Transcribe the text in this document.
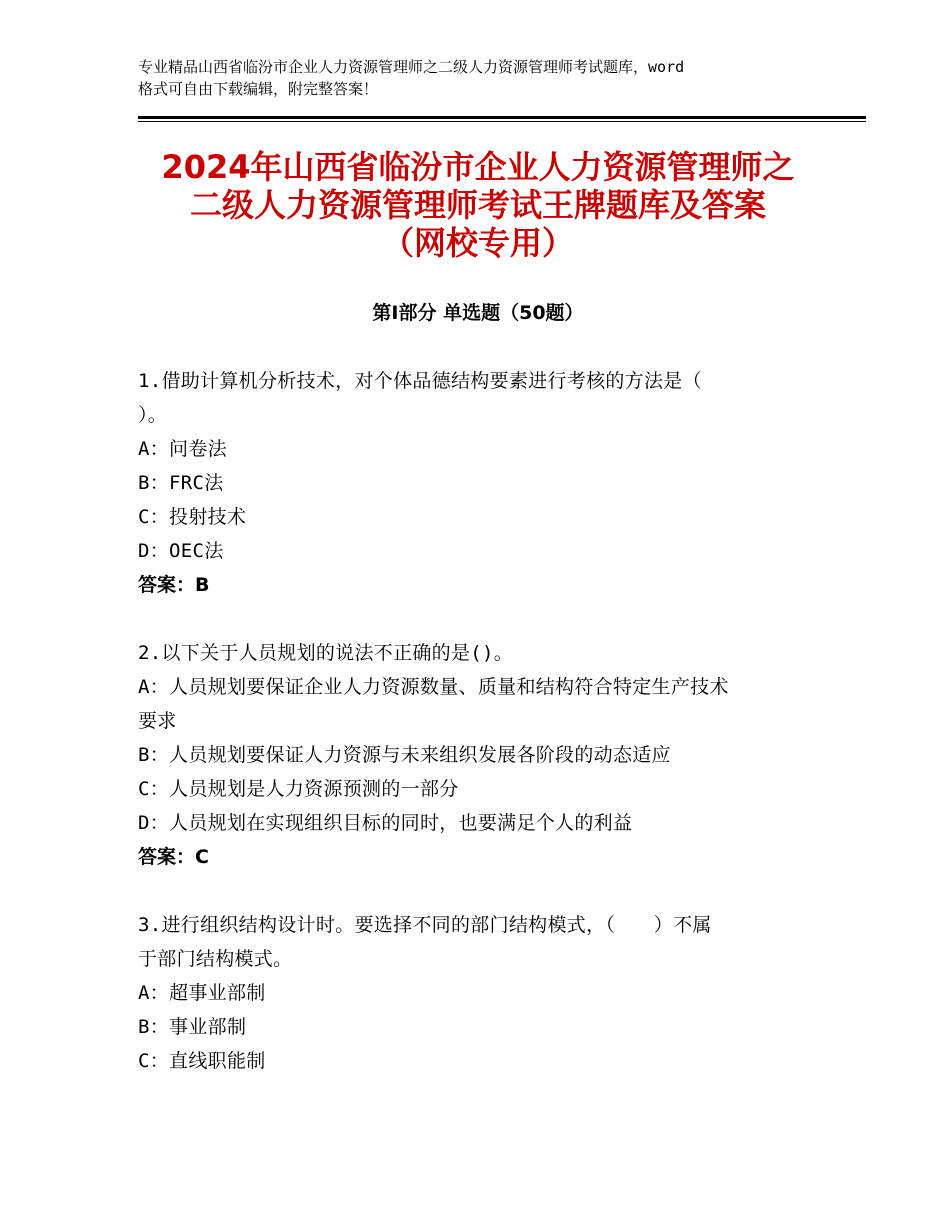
专业精品山西省临汾市企业人力资源管理师之二级人力资源管理师考试题库，word
格式可自由下载编辑，附完整答案！
2024年山西省临汾市企业人力资源管理师之
二级人力资源管理师考试王牌题库及答案
（网校专用）
第Ⅰ部分 单选题（50题）
1.借助计算机分析技术，对个体品德结构要素进行考核的方法是（
）。
A：问卷法
B：FRC法
C：投射技术
D：OEC法
答案：B
2.以下关于人员规划的说法不正确的是()。
A：人员规划要保证企业人力资源数量、质量和结构符合特定生产技术
要求
B：人员规划要保证人力资源与未来组织发展各阶段的动态适应
C：人员规划是人力资源预测的一部分
D：人员规划在实现组织目标的同时，也要满足个人的利益
答案：C
3.进行组织结构设计时。要选择不同的部门结构模式，（　　）不属
于部门结构模式。
A：超事业部制
B：事业部制
C：直线职能制
